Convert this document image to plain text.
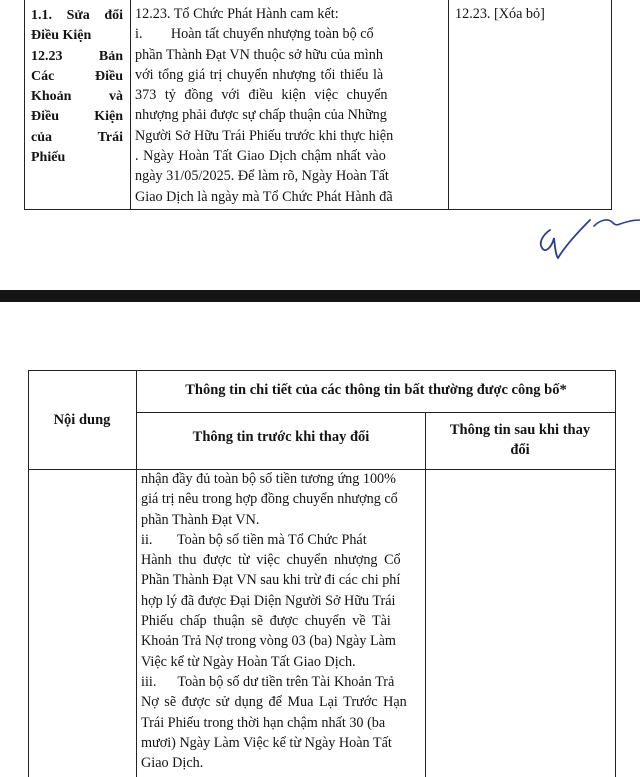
1.1. Sửa đổi
Điều Kiện
12.23 Bản
Các Điều
Khoản và
Điều Kiện
của Trái
Phiếu
12.23. Tổ Chức Phát Hành cam kết:
i.        Hoàn tất chuyển nhượng toàn bộ cổ
phần Thành Đạt VN thuộc sở hữu của mình
với tổng giá trị chuyển nhượng tối thiểu là
373 tỷ đồng với điều kiện việc chuyển
nhượng phải được sự chấp thuận của Những
Người Sở Hữu Trái Phiếu trước khi thực hiện
. Ngày Hoàn Tất Giao Dịch chậm nhất vào
ngày 31/05/2025. Để làm rõ, Ngày Hoàn Tất
Giao Dịch là ngày mà Tổ Chức Phát Hành đã
12.23. [Xóa bỏ]
Nội dung
Thông tin chi tiết của các thông tin bất thường được công bố*
Thông tin trước khi thay đổi	Thông tin sau khi thay
đổi
nhận đầy đủ toàn bộ số tiền tương ứng 100%
giá trị nêu trong hợp đồng chuyển nhượng cổ
phần Thành Đạt VN.
ii.       Toàn bộ số tiền mà Tổ Chức Phát
Hành thu được từ việc chuyển nhượng Cổ
Phần Thành Đạt VN sau khi trừ đi các chi phí
hợp lý đã được Đại Diện Người Sở Hữu Trái
Phiếu chấp thuận sẽ được chuyển về Tài
Khoản Trả Nợ trong vòng 03 (ba) Ngày Làm
Việc kể từ Ngày Hoàn Tất Giao Dịch.
iii.      Toàn bộ số dư tiền trên Tài Khoản Trả
Nợ sẽ được sử dụng để Mua Lại Trước Hạn
Trái Phiếu trong thời hạn chậm nhất 30 (ba
mươi) Ngày Làm Việc kể từ Ngày Hoàn Tất
Giao Dịch.
